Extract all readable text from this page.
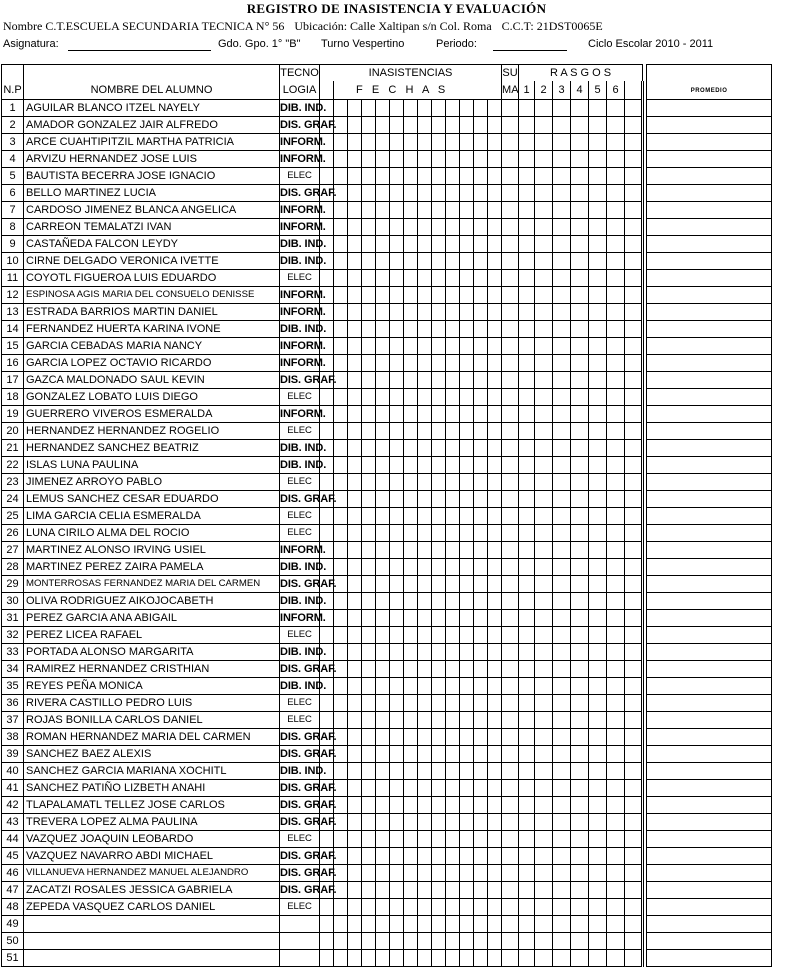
REGISTRO DE INASISTENCIA Y EVALUACIÓN
Nombre C.T.ESCUELA SECUNDARIA TECNICA N° 56 Ubicación: Calle Xaltipan s/n Col. Roma C.C.T: 21DST0065E
Asignatura:	Gdo. Gpo. 1° "B" Turno Vespertino	Periodo:	Ciclo Escolar 2010 - 2011
		TECNO	INASISTENCIAS													SU	R A S G O S								
N.P	NOMBRE DEL ALUMNO	LOGIA		F   E   C   H   A   S												MA	1	2	3	4	5	6			PROMEDIO
1	AGUILAR BLANCO ITZEL NAYELY	DIB. IND.																							
2	AMADOR GONZALEZ JAIR ALFREDO	DIS. GRAF.																							
3	ARCE CUAHTIPITZIL MARTHA PATRICIA	INFORM.																							
4	ARVIZU HERNANDEZ JOSE LUIS	INFORM.																							
5	BAUTISTA BECERRA JOSE IGNACIO	ELEC																							
6	BELLO MARTINEZ LUCIA	DIS. GRAF.																							
7	CARDOSO JIMENEZ BLANCA ANGELICA	INFORM.																							
8	CARREON TEMALATZI IVAN	INFORM.																							
9	CASTAÑEDA FALCON LEYDY	DIB. IND.																							
10	CIRNE DELGADO VERONICA IVETTE	DIB. IND.																							
11	COYOTL FIGUEROA LUIS EDUARDO	ELEC																							
12	ESPINOSA AGIS MARIA DEL CONSUELO DENISSE	INFORM.																							
13	ESTRADA BARRIOS MARTIN DANIEL	INFORM.																							
14	FERNANDEZ HUERTA KARINA IVONE	DIB. IND.																							
15	GARCIA CEBADAS MARIA NANCY	INFORM.																							
16	GARCIA LOPEZ OCTAVIO RICARDO	INFORM.																							
17	GAZCA MALDONADO SAUL KEVIN	DIS. GRAF.																							
18	GONZALEZ LOBATO LUIS DIEGO	ELEC																							
19	GUERRERO VIVEROS ESMERALDA	INFORM.																							
20	HERNANDEZ HERNANDEZ ROGELIO	ELEC																							
21	HERNANDEZ SANCHEZ BEATRIZ	DIB. IND.																							
22	ISLAS LUNA PAULINA	DIB. IND.																							
23	JIMENEZ ARROYO PABLO	ELEC																							
24	LEMUS SANCHEZ CESAR EDUARDO	DIS. GRAF.																							
25	LIMA GARCIA CELIA ESMERALDA	ELEC																							
26	LUNA CIRILO ALMA DEL ROCIO	ELEC																							
27	MARTINEZ ALONSO IRVING USIEL	INFORM.																							
28	MARTINEZ PEREZ ZAIRA PAMELA	DIB. IND.																							
29	MONTERROSAS FERNANDEZ MARIA DEL CARMEN	DIS. GRAF.																							
30	OLIVA RODRIGUEZ AIKOJOCABETH	DIB. IND.																							
31	PEREZ GARCIA ANA ABIGAIL	INFORM.																							
32	PEREZ LICEA RAFAEL	ELEC																							
33	PORTADA ALONSO MARGARITA	DIB. IND.																							
34	RAMIREZ HERNANDEZ CRISTHIAN	DIS. GRAF.																							
35	REYES PEÑA MONICA	DIB. IND.																							
36	RIVERA CASTILLO PEDRO LUIS	ELEC																							
37	ROJAS BONILLA CARLOS DANIEL	ELEC																							
38	ROMAN HERNANDEZ MARIA DEL CARMEN	DIS. GRAF.																							
39	SANCHEZ BAEZ ALEXIS	DIS. GRAF.																							
40	SANCHEZ GARCIA MARIANA XOCHITL	DIB. IND.																							
41	SANCHEZ PATIÑO LIZBETH ANAHI	DIS. GRAF.																							
42	TLAPALAMATL TELLEZ JOSE CARLOS	DIS. GRAF.																							
43	TREVERA LOPEZ ALMA PAULINA	DIS. GRAF.																							
44	VAZQUEZ JOAQUIN LEOBARDO	ELEC																							
45	VAZQUEZ NAVARRO ABDI MICHAEL	DIS. GRAF.																							
46	VILLANUEVA HERNANDEZ MANUEL ALEJANDRO	DIS. GRAF.																							
47	ZACATZI ROSALES JESSICA GABRIELA	DIS. GRAF.																							
48	ZEPEDA VASQUEZ CARLOS DANIEL	ELEC																							
49																									
50																									
51																									
